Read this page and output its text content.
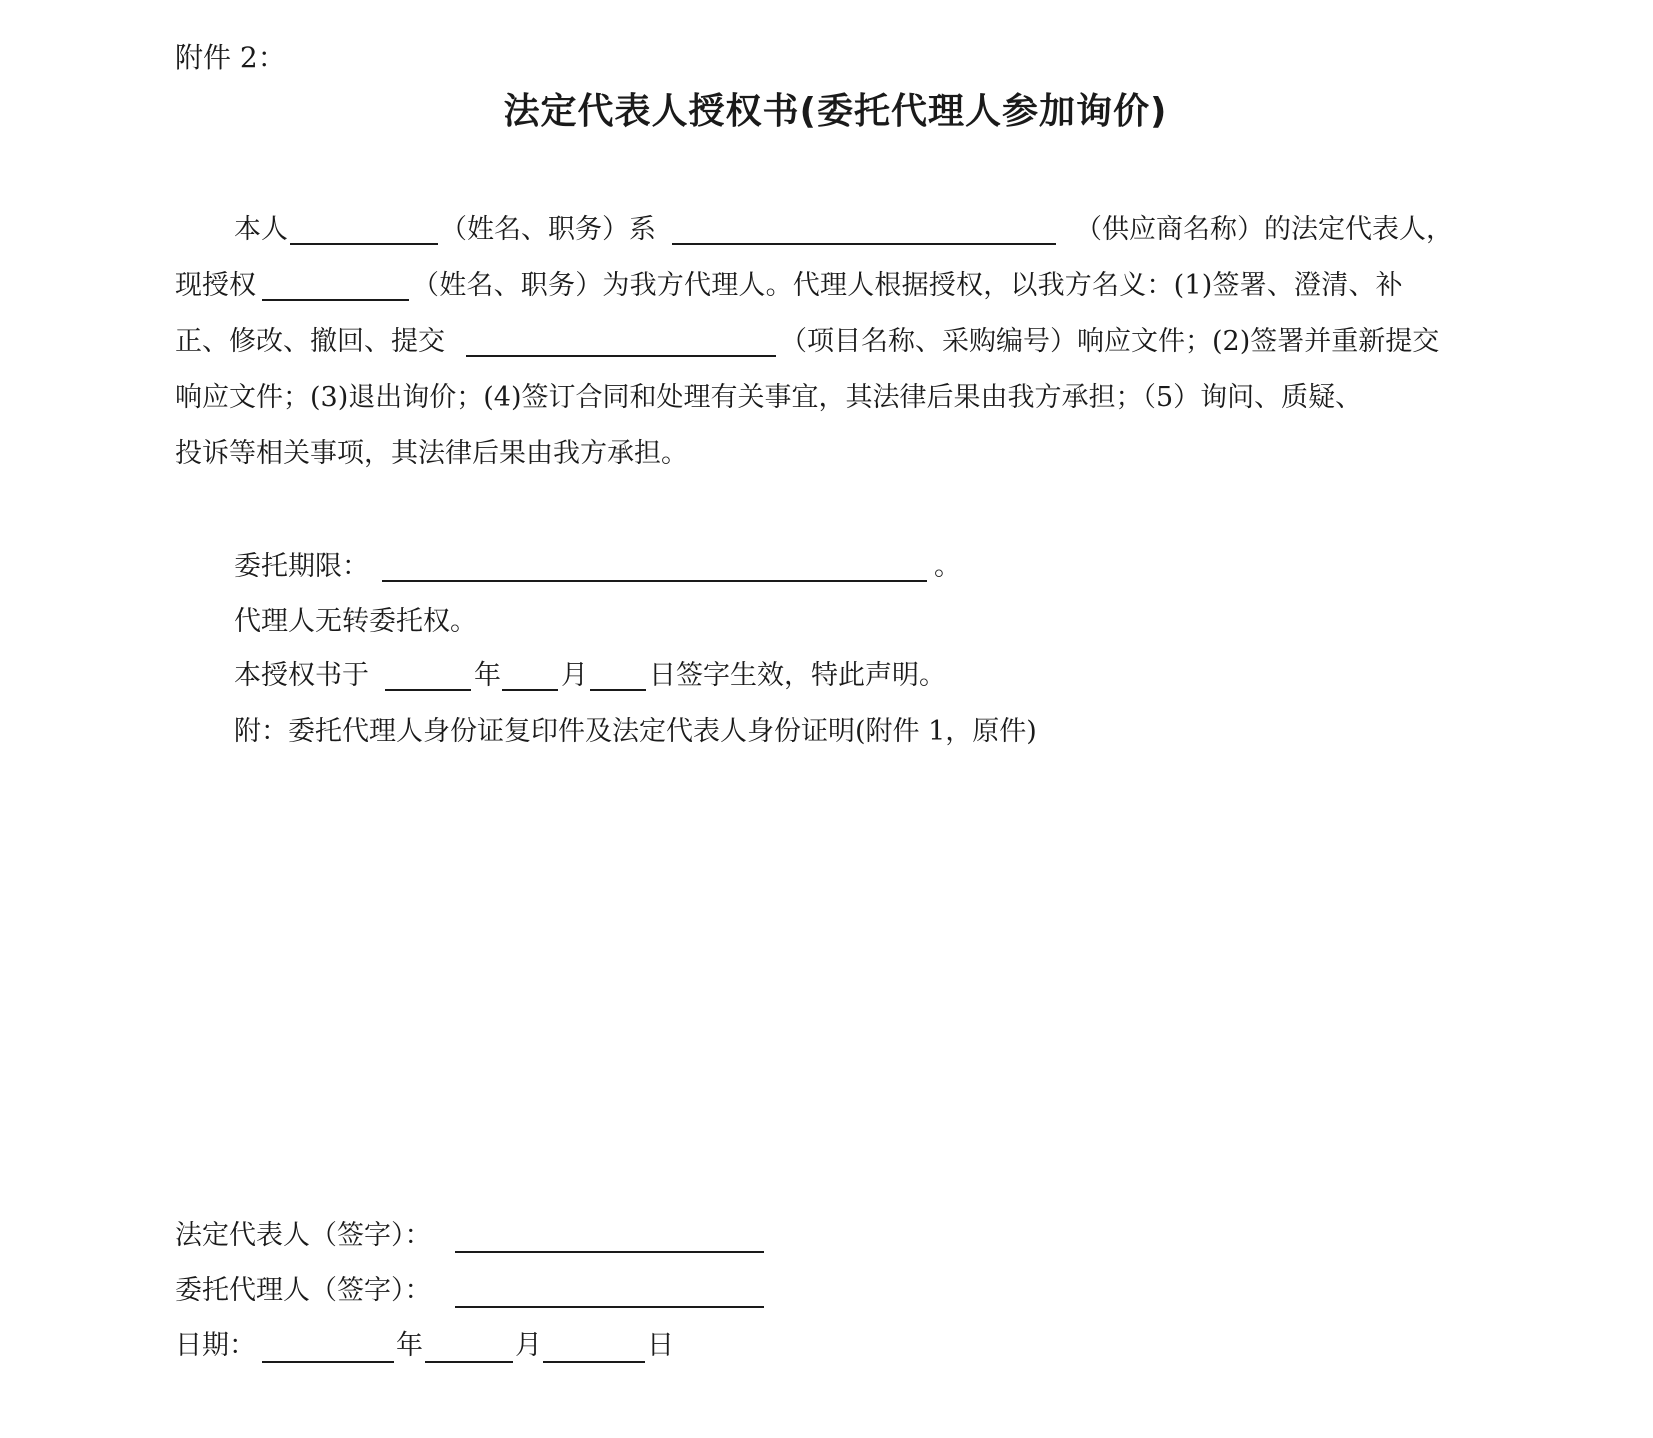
附件 2：
法定代表人授权书(委托代理人参加询价)
本人	（姓名、职务）系	（供应商名称）的法定代表人，
现授权	（姓名、职务）为我方代理人。代理人根据授权，以我方名义：(1)签署、澄清、补
正、修改、撤回、提交	（项目名称、采购编号）响应文件；(2)签署并重新提交
响应文件；(3)退出询价；(4)签订合同和处理有关事宜，其法律后果由我方承担；（5）询问、质疑、
投诉等相关事项，其法律后果由我方承担。
委托期限：	。
代理人无转委托权。
本授权书于	年 月 日签字生效，特此声明。
附：委托代理人身份证复印件及法定代表人身份证明(附件 1，原件)
法定代表人（签字）：
委托代理人（签字）：
日期：	年	月	日
